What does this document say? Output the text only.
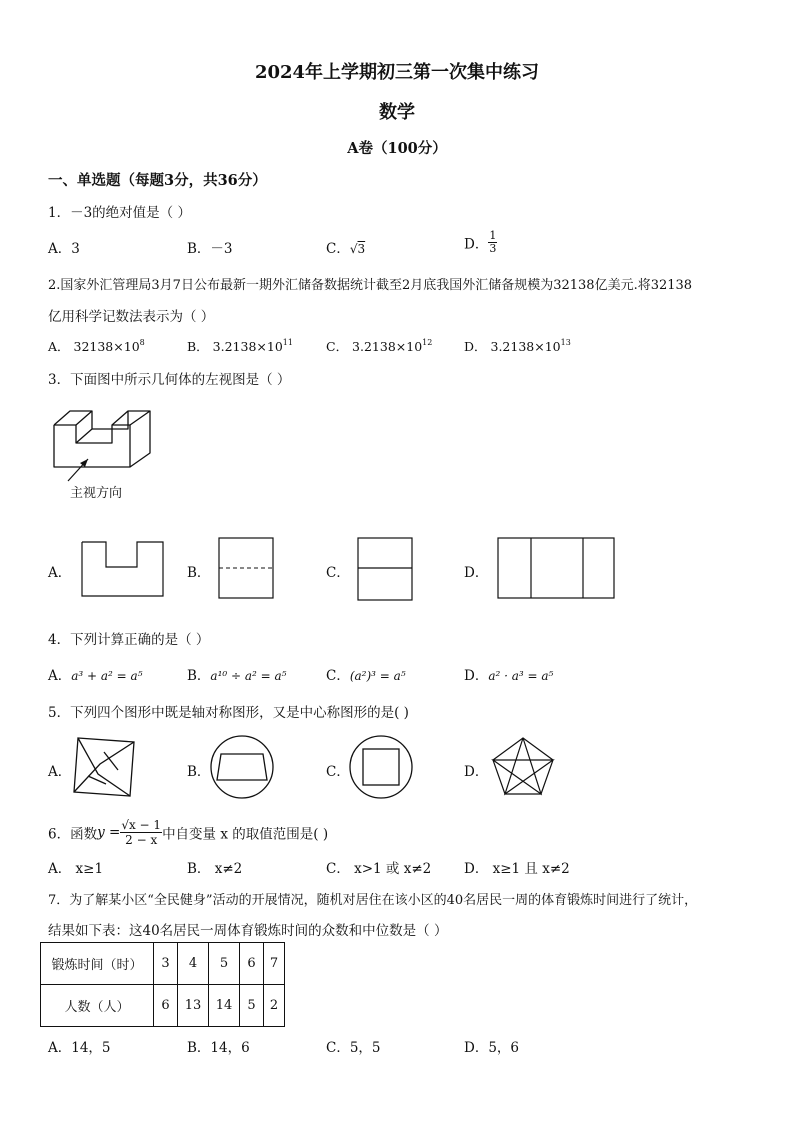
2024年上学期初三第一次集中练习
数学
A卷（100分）
一、单选题（每题3分，共36分）
1．－3的绝对值是（ ）
A．3	B．－3	C．√3	D． $\frac{1}{3}$
2.国家外汇管理局3月7日公布最新一期外汇储备数据统计截至2月底我国外汇储备规模为32138亿美元.将32138
亿用科学记数法表示为（ ）
A． $32138\times 10^8$	B． $3.2138\times 10^{11}$	C． $3.2138\times 10^{12}$	D． $3.2138\times 10^{13}$
3．下面图中所示几何体的左视图是（ ）
主视方向
A．	B．	C．	D．
4．下列计算正确的是（ ）
A．a³ + a² = a⁵	B．a¹⁰ ÷ a² = a⁵	C．(a²)³ = a⁵	D．a² · a³ = a⁵
5．下列四个图形中既是轴对称图形，又是中心称图形的是( )
A．	B．	C．	D．
6．函数$y = \frac{√x - 1}{2 - x}$ 中自变量 x 的取值范围是( )
A． x≥1	B． x≠2	C． x>1 或 x≠2 D． x≥1 且 x≠2
7．为了解某小区“全民健身”活动的开展情况，随机对居住在该小区的40名居民一周的体育锻炼时间进行了统计，
结果如下表：这40名居民一周体育锻炼时间的众数和中位数是（ ）
锻炼时间（时）	3	4	5	6	7
人数（人）	6	13	14	5	2
A．14，5	B．14，6	C．5，5	D．5，6
